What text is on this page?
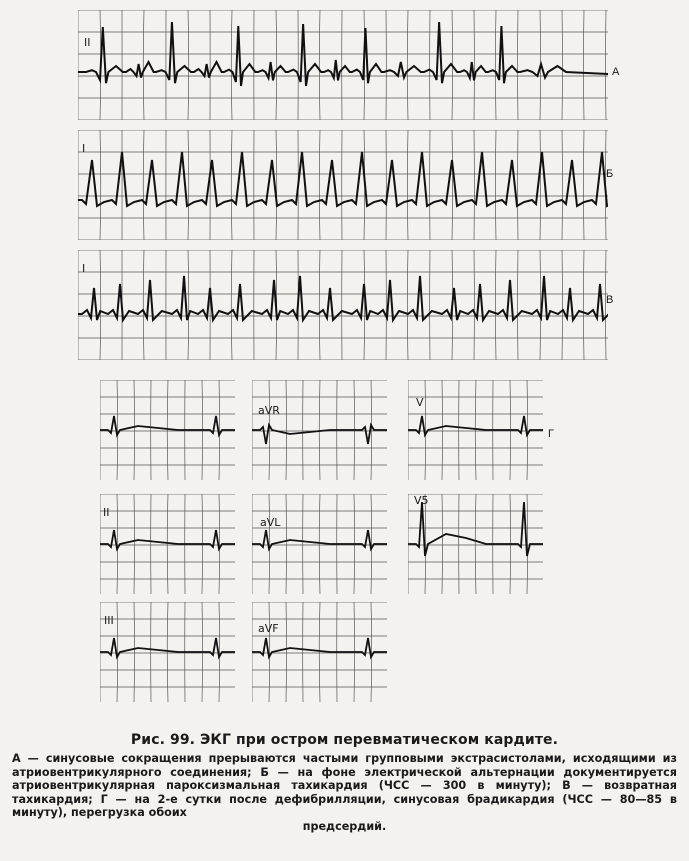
II
А
I
Б
I
В
aVR
V
Г
II
aVL
V5
III
aVF
Рис. 99. ЭКГ при остром перевматическом кардите.
А — синусовые сокращения прерываются частыми групповыми экстрасистолами, исходящими из атриовентрикулярного соединения; Б — на фоне электрической альтернации документируется атриовентрикулярная пароксизмальная тахикардия (ЧСС — 300 в минуту); В — возвратная тахикардия; Г — на 2-е сутки после дефибрилляции, синусовая брадикардия (ЧСС — 80—85 в минуту), перегрузка обоих
предсердий.
